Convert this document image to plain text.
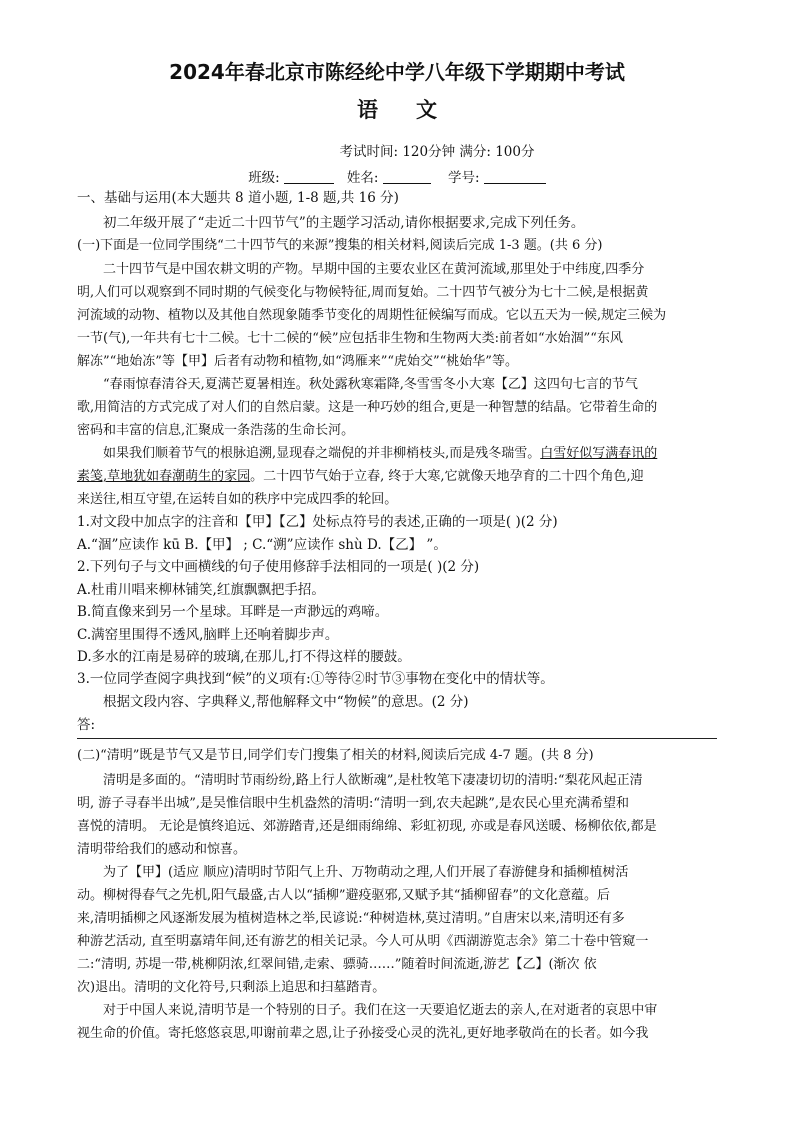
2024年春北京市陈经纶中学八年级下学期期中考试
语文
考试时间: 120分钟 满分: 100分
班级:	姓名:	学号:
一、基础与运用(本大题共 8 道小题, 1-8 题,共 16 分)
初二年级开展了“走近二十四节气”的主题学习活动,请你根据要求,完成下列任务。
(一)下面是一位同学围绕“二十四节气的来源”搜集的相关材料,阅读后完成 1-3 题。(共 6 分)
二十四节气是中国农耕文明的产物。早期中国的主要农业区在黄河流域,那里处于中纬度,四季分
明,人们可以观察到不同时期的气候变化与物候特征,周而复始。二十四节气被分为七十二候,是根据黄
河流域的动物、植物以及其他自然现象随季节变化的周期性征候编写而成。它以五天为一候,规定三候为
一节(气),一年共有七十二候。七十二候的“候”应包括非生物和生物两大类:前者如“水始涸”“东风
解冻”“地始冻”等【甲】后者有动物和植物,如“鸿雁来”“虎始交”“桃始华”等。
“春雨惊春清谷天,夏满芒夏暑相连。秋处露秋寒霜降,冬雪雪冬小大寒【乙】这四句七言的节气
歌,用简洁的方式完成了对人们的自然启蒙。这是一种巧妙的组合,更是一种智慧的结晶。它带着生命的
密码和丰富的信息,汇聚成一条浩荡的生命长河。
如果我们顺着节气的根脉追溯,显现春之端倪的并非柳梢枝头,而是残冬瑞雪。白雪好似写满春讯的
素笺,草地犹如春潮萌生的家园。二十四节气始于立春, 终于大寒,它就像天地孕育的二十四个角色,迎
来送往,相互守望,在运转自如的秩序中完成四季的轮回。
1.对文段中加点字的注音和【甲】【乙】处标点符号的表述,正确的一项是( )(2 分)
A.“涸”应读作 kū B.【甲】 ; C.“溯”应读作 shù D.【乙】 ”。
2.下列句子与文中画横线的句子使用修辞手法相同的一项是( )(2 分)
A.杜甫川唱来柳林铺笑,红旗飘飘把手招。
B.简直像来到另一个星球。耳畔是一声渺远的鸡啼。
C.满窑里围得不透风,脑畔上还响着脚步声。
D.多水的江南是易碎的玻璃,在那儿,打不得这样的腰鼓。
3.一位同学查阅字典找到“候”的义项有:①等待②时节③事物在变化中的情状等。
根据文段内容、字典释义,帮他解释文中“物候”的意思。(2 分)
答:
(二)“清明”既是节气又是节日,同学们专门搜集了相关的材料,阅读后完成 4-7 题。(共 8 分)
清明是多面的。“清明时节雨纷纷,路上行人欲断魂”,是杜牧笔下凄凄切切的清明:“梨花风起正清
明, 游子寻春半出城”,是吴惟信眼中生机盎然的清明:“清明一到,农夫起跳”,是农民心里充满希望和
喜悦的清明。 无论是慎终追远、郊游踏青,还是细雨绵绵、彩虹初现, 亦或是春风送暖、杨柳依依,都是
清明带给我们的感动和惊喜。
为了【甲】(适应 顺应)清明时节阳气上升、万物萌动之理,人们开展了春游健身和插柳植树活
动。柳树得春气之先机,阳气最盛,古人以“插柳”避疫驱邪,又赋予其“插柳留春”的文化意蕴。后
来,清明插柳之风逐渐发展为植树造林之举,民谚说:“种树造林,莫过清明。”自唐宋以来,清明还有多
种游艺活动, 直至明嘉靖年间,还有游艺的相关记录。今人可从明《西湖游览志余》第二十卷中管窥一
二:“清明, 苏堤一带,桃柳阴浓,红翠间错,走索、骠骑……”随着时间流逝,游艺【乙】(渐次 依
次)退出。清明的文化符号,只剩添上追思和扫墓踏青。
对于中国人来说,清明节是一个特别的日子。我们在这一天要追忆逝去的亲人,在对逝者的哀思中审
视生命的价值。寄托悠悠哀思,叩谢前辈之恩,让子孙接受心灵的洗礼,更好地孝敬尚在的长者。如今我
